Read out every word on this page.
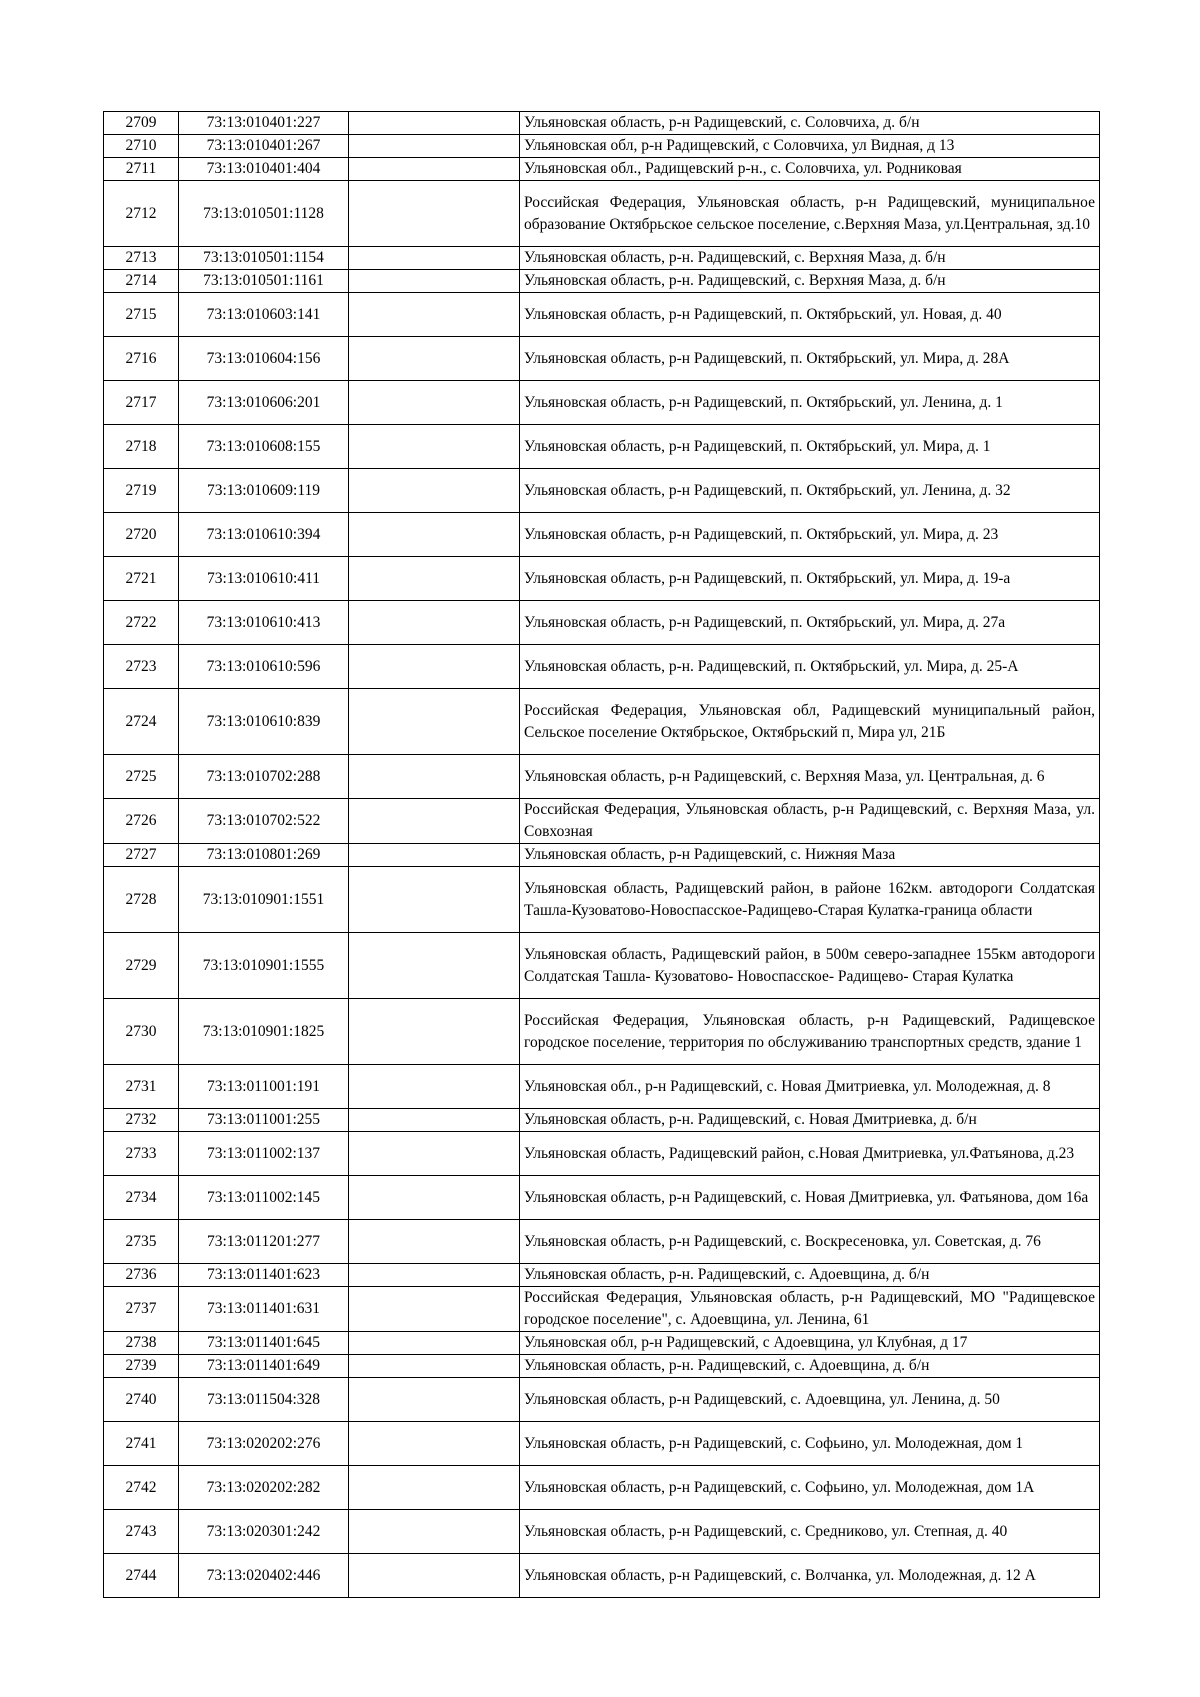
2709	73:13:010401:227		Ульяновская область, р-н Радищевский, с. Соловчиха, д. б/н
2710	73:13:010401:267		Ульяновская обл, р-н Радищевский, с Соловчиха, ул Видная, д 13
2711	73:13:010401:404		Ульяновская обл., Радищевский р-н., с. Соловчиха, ул. Родниковая
2712	73:13:010501:1128		Российская Федерация, Ульяновская область, р-н Радищевский, муниципальное образование Октябрьское сельское поселение, с.Верхняя Маза, ул.Центральная, зд.10
2713	73:13:010501:1154		Ульяновская область, р-н. Радищевский, с. Верхняя Маза, д. б/н
2714	73:13:010501:1161		Ульяновская область, р-н. Радищевский, с. Верхняя Маза, д. б/н
2715	73:13:010603:141		Ульяновская область, р-н Радищевский, п. Октябрьский, ул. Новая, д. 40
2716	73:13:010604:156		Ульяновская область, р-н Радищевский, п. Октябрьский, ул. Мира, д. 28А
2717	73:13:010606:201		Ульяновская область, р-н Радищевский, п. Октябрьский, ул. Ленина, д. 1
2718	73:13:010608:155		Ульяновская область, р-н Радищевский, п. Октябрьский, ул. Мира, д. 1
2719	73:13:010609:119		Ульяновская область, р-н Радищевский, п. Октябрьский, ул. Ленина, д. 32
2720	73:13:010610:394		Ульяновская область, р-н Радищевский, п. Октябрьский, ул. Мира, д. 23
2721	73:13:010610:411		Ульяновская область, р-н Радищевский, п. Октябрьский, ул. Мира, д. 19-а
2722	73:13:010610:413		Ульяновская область, р-н Радищевский, п. Октябрьский, ул. Мира, д. 27а
2723	73:13:010610:596		Ульяновская область, р-н. Радищевский, п. Октябрьский, ул. Мира, д. 25-А
2724	73:13:010610:839		Российская Федерация, Ульяновская обл, Радищевский муниципальный район, Сельское поселение Октябрьское, Октябрьский п, Мира ул, 21Б
2725	73:13:010702:288		Ульяновская область, р-н Радищевский, с. Верхняя Маза, ул. Центральная, д. 6
2726	73:13:010702:522		Российская Федерация, Ульяновская область, р-н Радищевский, с. Верхняя Маза, ул. Совхозная
2727	73:13:010801:269		Ульяновская область, р-н Радищевский, с. Нижняя Маза
2728	73:13:010901:1551		Ульяновская область, Радищевский район, в районе 162км. автодороги Солдатская Ташла-Кузоватово-Новоспасское-Радищево-Старая Кулатка-граница области
2729	73:13:010901:1555		Ульяновская область, Радищевский район, в 500м северо-западнее 155км автодороги Солдатская Ташла- Кузоватово- Новоспасское- Радищево- Старая Кулатка
2730	73:13:010901:1825		Российская Федерация, Ульяновская область, р-н Радищевский, Радищевское городское поселение, территория по обслуживанию транспортных средств, здание 1
2731	73:13:011001:191		Ульяновская обл., р-н Радищевский, с. Новая Дмитриевка, ул. Молодежная, д. 8
2732	73:13:011001:255		Ульяновская область, р-н. Радищевский, с. Новая Дмитриевка, д. б/н
2733	73:13:011002:137		Ульяновская область, Радищевский район, с.Новая Дмитриевка, ул.Фатьянова, д.23
2734	73:13:011002:145		Ульяновская область, р-н Радищевский, с. Новая Дмитриевка, ул. Фатьянова, дом 16а
2735	73:13:011201:277		Ульяновская область, р-н Радищевский, с. Воскресеновка, ул. Советская, д. 76
2736	73:13:011401:623		Ульяновская область, р-н. Радищевский, с. Адоевщина, д. б/н
2737	73:13:011401:631		Российская Федерация, Ульяновская область, р-н Радищевский, МО "Радищевское городское поселение", с. Адоевщина, ул. Ленина, 61
2738	73:13:011401:645		Ульяновская обл, р-н Радищевский, с Адоевщина, ул Клубная, д 17
2739	73:13:011401:649		Ульяновская область, р-н. Радищевский, с. Адоевщина, д. б/н
2740	73:13:011504:328		Ульяновская область, р-н Радищевский, с. Адоевщина, ул. Ленина, д. 50
2741	73:13:020202:276		Ульяновская область, р-н Радищевский, с. Софьино, ул. Молодежная, дом 1
2742	73:13:020202:282		Ульяновская область, р-н Радищевский, с. Софьино, ул. Молодежная, дом 1А
2743	73:13:020301:242		Ульяновская область, р-н Радищевский, с. Средниково, ул. Степная, д. 40
2744	73:13:020402:446		Ульяновская область, р-н Радищевский, с. Волчанка, ул. Молодежная, д. 12 А
